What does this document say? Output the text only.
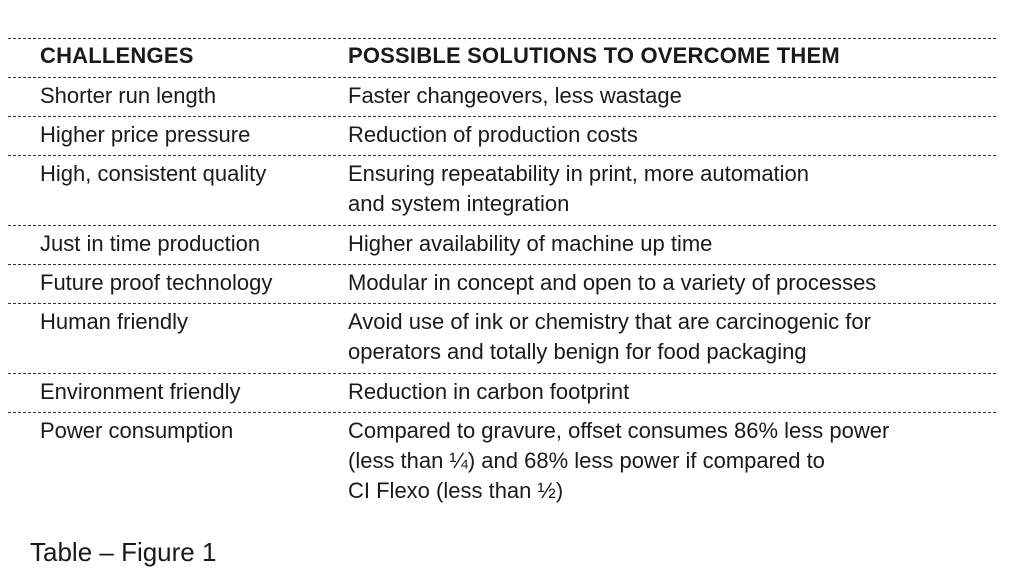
CHALLENGES	POSSIBLE SOLUTIONS TO OVERCOME THEM
Shorter run length	Faster changeovers, less wastage
Higher price pressure	Reduction of production costs
High, consistent quality	Ensuring repeatability in print, more automation
and system integration
Just in time production	Higher availability of machine up time
Future proof technology	Modular in concept and open to a variety of processes
Human friendly	Avoid use of ink or chemistry that are carcinogenic for
operators and totally benign for food packaging
Environment friendly	Reduction in carbon footprint
Power consumption	Compared to gravure, offset consumes 86% less power
(less than ¼) and 68% less power if compared to
CI Flexo (less than ½)
Table – Figure 1
